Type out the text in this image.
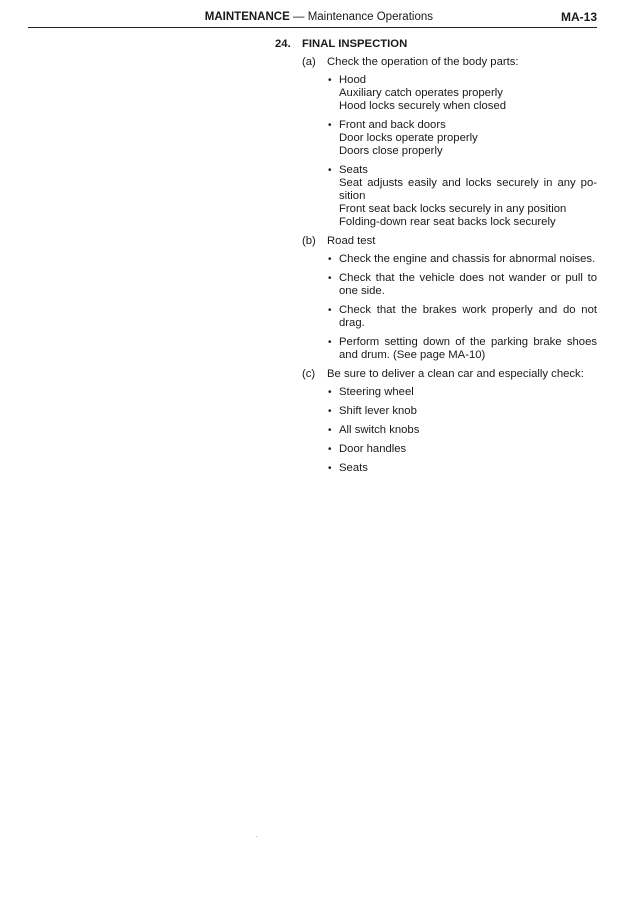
MAINTENANCE — Maintenance Operations	MA-13
24. FINAL INSPECTION
(a) Check the operation of the body parts:
• Hood
Auxiliary catch operates properly
Hood locks securely when closed
• Front and back doors
Door locks operate properly
Doors close properly
• Seats
Seat adjusts easily and locks securely in any po-sition
Front seat back locks securely in any position
Folding-down rear seat backs lock securely
(b) Road test
• Check the engine and chassis for abnormal noises.
• Check that the vehicle does not wander or pull to one side.
• Check that the brakes work properly and do not drag.
• Perform setting down of the parking brake shoes and drum. (See page MA-10)
(c) Be sure to deliver a clean car and especially check:
• Steering wheel
• Shift lever knob
• All switch knobs
• Door handles
• Seats
